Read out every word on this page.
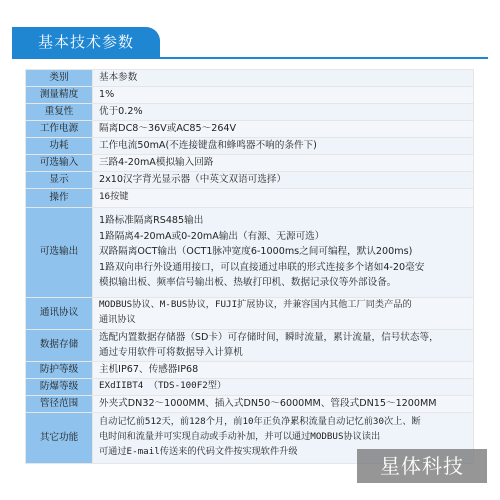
基本技术参数
类别	基本参数

测量精度	1%

重复性	优于0.2%

工作电源	隔离DC8～36V或AC85～264V

功耗	工作电流50mA(不连接键盘和蜂鸣器不响的条件下)

可选输入	三路4-20mA模拟输入回路

显示	2x10汉字背光显示器（中英文双语可选择）

操作	16按键

可选输出	1路标准隔离RS485输出
1路隔离4-20mA或0-20mA输出（有源、无源可选）
双路隔离OCT输出（OCT1脉冲宽度6-1000ms之间可编程，默认200ms)
1路双向串行外设通用接口，可以直接通过串联的形式连接多个诸如4-20毫安
模拟输出板、频率信号输出板、热敏打印机、数据记录仪等外部设备。

通讯协议	MODBUS协议、M-BUS协议，FUJI扩展协议，并兼容国内其他工厂同类产品的
通讯协议

数据存储	选配内置数据存储器（SD卡）可存储时间，瞬时流量，累计流量，信号状态等，
通过专用软件可将数据导入计算机

防护等级	主机IP67、传感器IP68

防爆等级	EXdIIBT4 （TDS-100F2型）

管径范围	外夹式DN32～1000MM、插入式DN50～6000MM、管段式DN15～1200MM

其它功能	自动记忆前512天，前128个月，前10年正负净累积流量自动记忆前30次上、断
电时间和流量并可实现自动或手动补加，并可以通过MODBUS协议读出
可通过E-mail传送来的代码文件按实现软件升级
星体科技
